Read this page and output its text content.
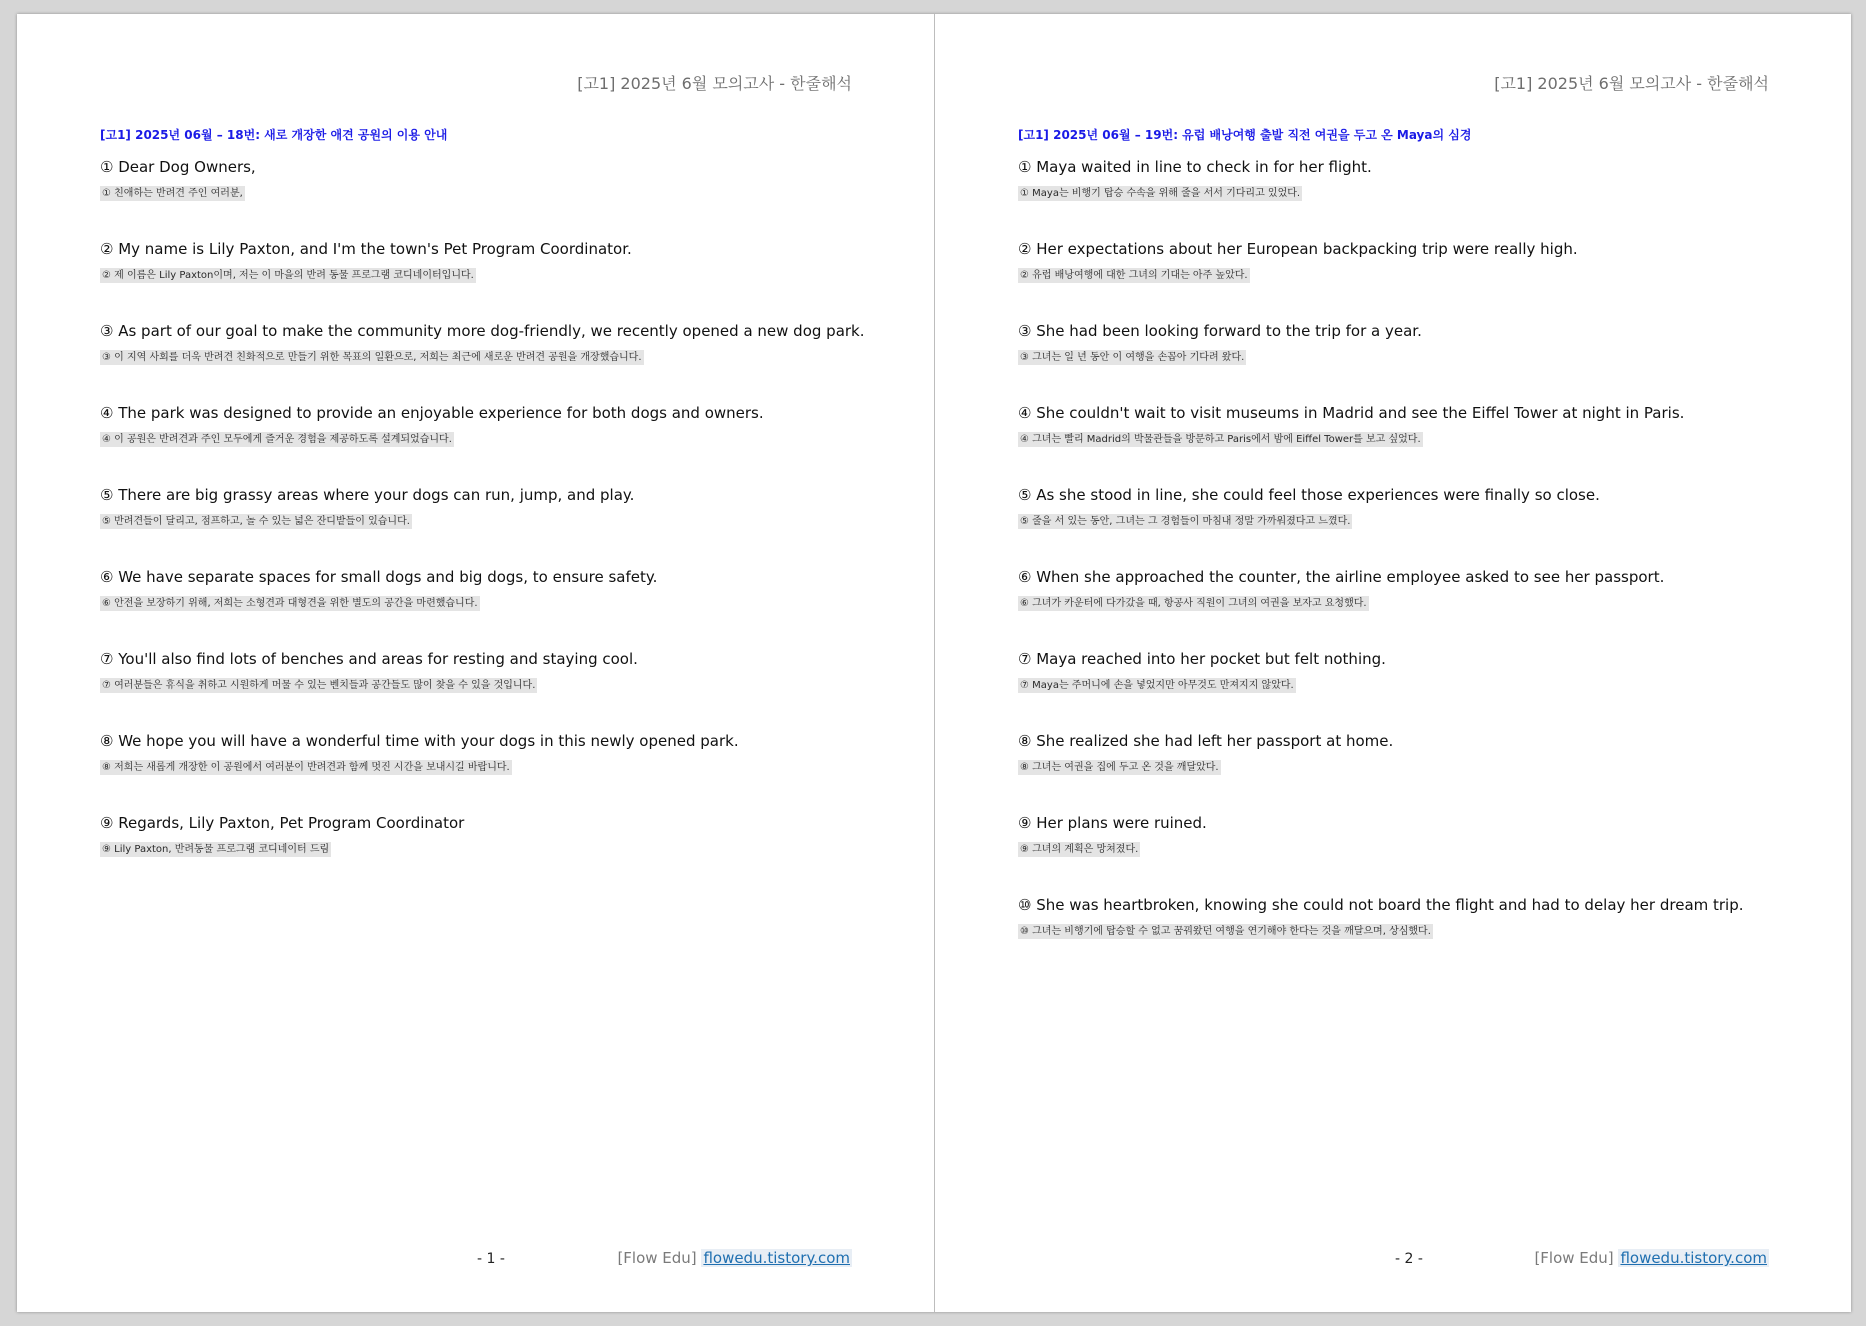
[고1] 2025년 6월 모의고사 - 한줄해석
[고1] 2025년 06월 – 18번: 새로 개장한 애견 공원의 이용 안내
① Dear Dog Owners,
① 친애하는 반려견 주인 여러분,
② My name is Lily Paxton, and I'm the town's Pet Program Coordinator.
② 제 이름은 Lily Paxton이며, 저는 이 마을의 반려 동물 프로그램 코디네이터입니다.
③ As part of our goal to make the community more dog-friendly, we recently opened a new dog park.
③ 이 지역 사회를 더욱 반려견 친화적으로 만들기 위한 목표의 일환으로, 저희는 최근에 새로운 반려견 공원을 개장했습니다.
④ The park was designed to provide an enjoyable experience for both dogs and owners.
④ 이 공원은 반려견과 주인 모두에게 즐거운 경험을 제공하도록 설계되었습니다.
⑤ There are big grassy areas where your dogs can run, jump, and play.
⑤ 반려견들이 달리고, 점프하고, 놀 수 있는 넓은 잔디밭들이 있습니다.
⑥ We have separate spaces for small dogs and big dogs, to ensure safety.
⑥ 안전을 보장하기 위해, 저희는 소형견과 대형견을 위한 별도의 공간을 마련했습니다.
⑦ You'll also find lots of benches and areas for resting and staying cool.
⑦ 여러분들은 휴식을 취하고 시원하게 머물 수 있는 벤치들과 공간들도 많이 찾을 수 있을 것입니다.
⑧ We hope you will have a wonderful time with your dogs in this newly opened park.
⑧ 저희는 새롭게 개장한 이 공원에서 여러분이 반려견과 함께 멋진 시간을 보내시길 바랍니다.
⑨ Regards, Lily Paxton, Pet Program Coordinator
⑨ Lily Paxton, 반려동물 프로그램 코디네이터 드림
- 1 -	[Flow Edu] flowedu.tistory.com
[고1] 2025년 6월 모의고사 - 한줄해석
[고1] 2025년 06월 – 19번: 유럽 배낭여행 출발 직전 여권을 두고 온 Maya의 심경
① Maya waited in line to check in for her flight.
① Maya는 비행기 탑승 수속을 위해 줄을 서서 기다리고 있었다.
② Her expectations about her European backpacking trip were really high.
② 유럽 배낭여행에 대한 그녀의 기대는 아주 높았다.
③ She had been looking forward to the trip for a year.
③ 그녀는 일 년 동안 이 여행을 손꼽아 기다려 왔다.
④ She couldn't wait to visit museums in Madrid and see the Eiffel Tower at night in Paris.
④ 그녀는 빨리 Madrid의 박물관들을 방문하고 Paris에서 밤에 Eiffel Tower를 보고 싶었다.
⑤ As she stood in line, she could feel those experiences were finally so close.
⑤ 줄을 서 있는 동안, 그녀는 그 경험들이 마침내 정말 가까워졌다고 느꼈다.
⑥ When she approached the counter, the airline employee asked to see her passport.
⑥ 그녀가 카운터에 다가갔을 때, 항공사 직원이 그녀의 여권을 보자고 요청했다.
⑦ Maya reached into her pocket but felt nothing.
⑦ Maya는 주머니에 손을 넣었지만 아무것도 만져지지 않았다.
⑧ She realized she had left her passport at home.
⑧ 그녀는 여권을 집에 두고 온 것을 깨달았다.
⑨ Her plans were ruined.
⑨ 그녀의 계획은 망쳐졌다.
⑩ She was heartbroken, knowing she could not board the flight and had to delay her dream trip.
⑩ 그녀는 비행기에 탑승할 수 없고 꿈꿔왔던 여행을 연기해야 한다는 것을 깨달으며, 상심했다.
- 2 -	[Flow Edu] flowedu.tistory.com
